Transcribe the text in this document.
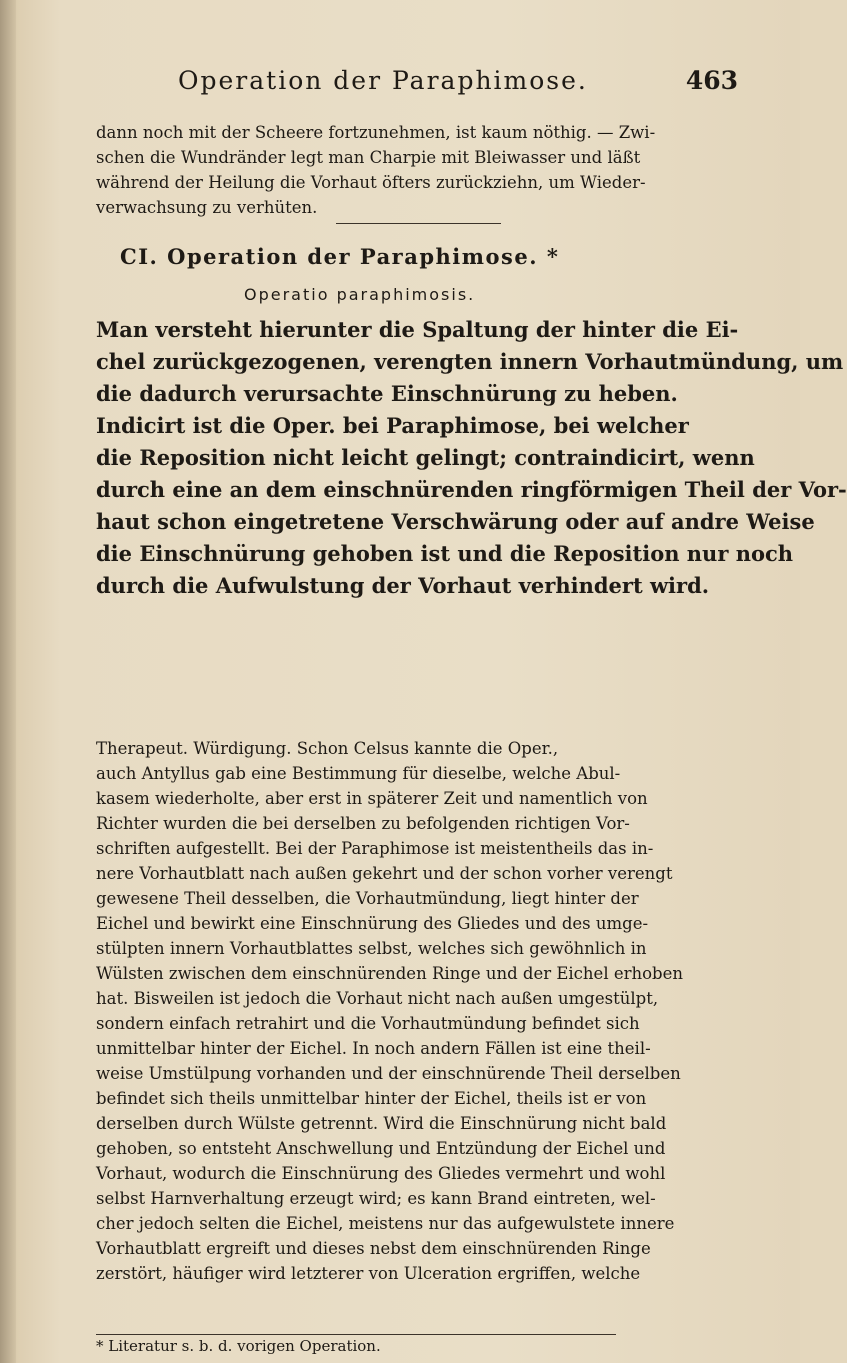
Operation der Paraphimose.	463
dann noch mit der Scheere fortzunehmen, ist kaum nöthig. — Zwi-
schen die Wundränder legt man Charpie mit Bleiwasser und läßt
während der Heilung die Vorhaut öfters zurückziehn, um Wieder-
verwachsung zu verhüten.
CI. Operation der Paraphimose. *
Operatio paraphimosis.
Man versteht hierunter die Spaltung der hinter die Ei-
chel zurückgezogenen, verengten innern Vorhautmündung, um
die dadurch verursachte Einschnürung zu heben.
Indicirt ist die Oper. bei Paraphimose, bei welcher
die Reposition nicht leicht gelingt; contraindicirt, wenn
durch eine an dem einschnürenden ringförmigen Theil der Vor-
haut schon eingetretene Verschwärung oder auf andre Weise
die Einschnürung gehoben ist und die Reposition nur noch
durch die Aufwulstung der Vorhaut verhindert wird.
Therapeut. Würdigung. Schon Celsus kannte die Oper.,
auch Antyllus gab eine Bestimmung für dieselbe, welche Abul-
kasem wiederholte, aber erst in späterer Zeit und namentlich von
Richter wurden die bei derselben zu befolgenden richtigen Vor-
schriften aufgestellt. Bei der Paraphimose ist meistentheils das in-
nere Vorhautblatt nach außen gekehrt und der schon vorher verengt
gewesene Theil desselben, die Vorhautmündung, liegt hinter der
Eichel und bewirkt eine Einschnürung des Gliedes und des umge-
stülpten innern Vorhautblattes selbst, welches sich gewöhnlich in
Wülsten zwischen dem einschnürenden Ringe und der Eichel erhoben
hat. Bisweilen ist jedoch die Vorhaut nicht nach außen umgestülpt,
sondern einfach retrahirt und die Vorhautmündung befindet sich
unmittelbar hinter der Eichel. In noch andern Fällen ist eine theil-
weise Umstülpung vorhanden und der einschnürende Theil derselben
befindet sich theils unmittelbar hinter der Eichel, theils ist er von
derselben durch Wülste getrennt. Wird die Einschnürung nicht bald
gehoben, so entsteht Anschwellung und Entzündung der Eichel und
Vorhaut, wodurch die Einschnürung des Gliedes vermehrt und wohl
selbst Harnverhaltung erzeugt wird; es kann Brand eintreten, wel-
cher jedoch selten die Eichel, meistens nur das aufgewulstete innere
Vorhautblatt ergreift und dieses nebst dem einschnürenden Ringe
zerstört, häufiger wird letzterer von Ulceration ergriffen, welche
* Literatur s. b. d. vorigen Operation.
